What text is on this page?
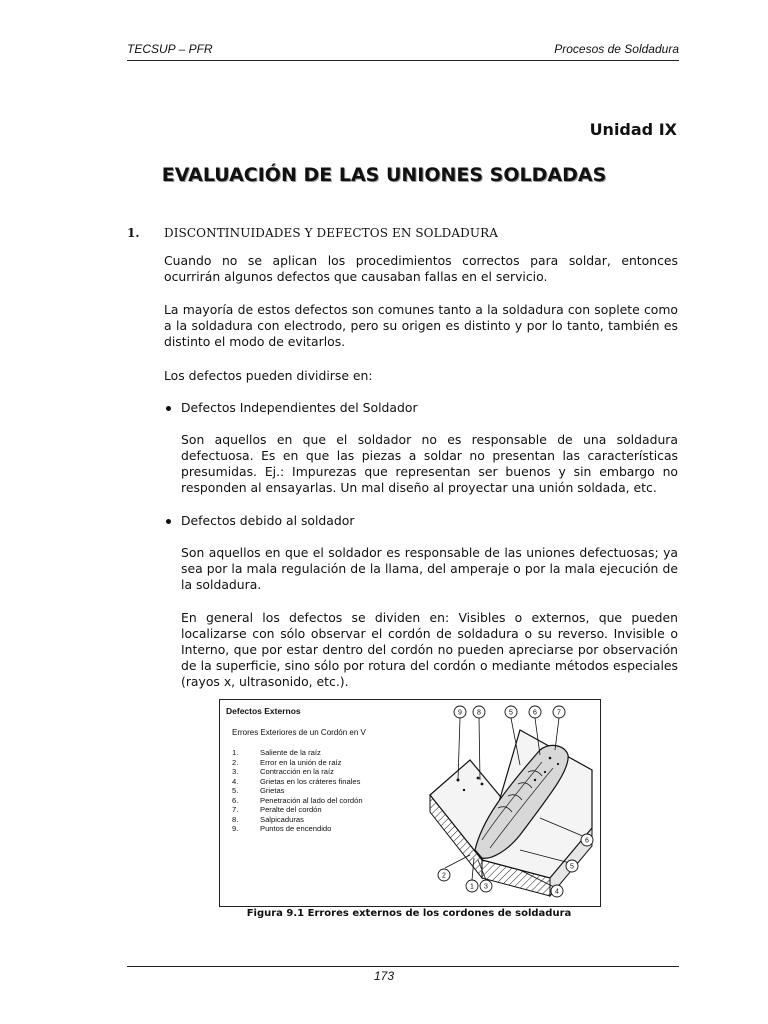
TECSUP – PFR	Procesos de Soldadura
Unidad IX
EVALUACIÓN DE LAS UNIONES SOLDADAS
1. DISCONTINUIDADES Y DEFECTOS EN SOLDADURA
Cuando no se aplican los procedimientos correctos para soldar, entonces ocurrirán algunos defectos que causaban fallas en el servicio.
La mayoría de estos defectos son comunes tanto a la soldadura con soplete como a la soldadura con electrodo, pero su origen es distinto y por lo tanto, también es distinto el modo de evitarlos.
Los defectos pueden dividirse en:
Defectos Independientes del Soldador
Son aquellos en que el soldador no es responsable de una soldadura defectuosa. Es en que las piezas a soldar no presentan las características presumidas. Ej.: Impurezas que representan ser buenos y sin embargo no responden al ensayarlas. Un mal diseño al proyectar una unión soldada, etc.
Defectos debido al soldador
Son aquellos en que el soldador es responsable de las uniones defectuosas; ya sea por la mala regulación de la llama, del amperaje o por la mala ejecución de la soldadura.
En general los defectos se dividen en: Visibles o externos, que pueden localizarse con sólo observar el cordón de soldadura o su reverso. Invisible o Interno, que por estar dentro del cordón no pueden apreciarse por observación de la superficie, sino sólo por rotura del cordón o mediante métodos especiales (rayos x, ultrasonido, etc.).
Defectos Externos
Errores Exteriores de un Cordón en V
1.	Saliente de la raíz
2.	Error en la unión de raíz
3.	Contracción en la raíz
4.	Grietas en los cráteres finales
5.	Grietas
6.	Penetración al lado del cordón
7.	Peralte del cordón
8.	Salpicaduras
9.	Puntos de encendido
9 8	5	6	7
6
5
4
3
1
2
Figura 9.1 Errores externos de los cordones de soldadura
173
